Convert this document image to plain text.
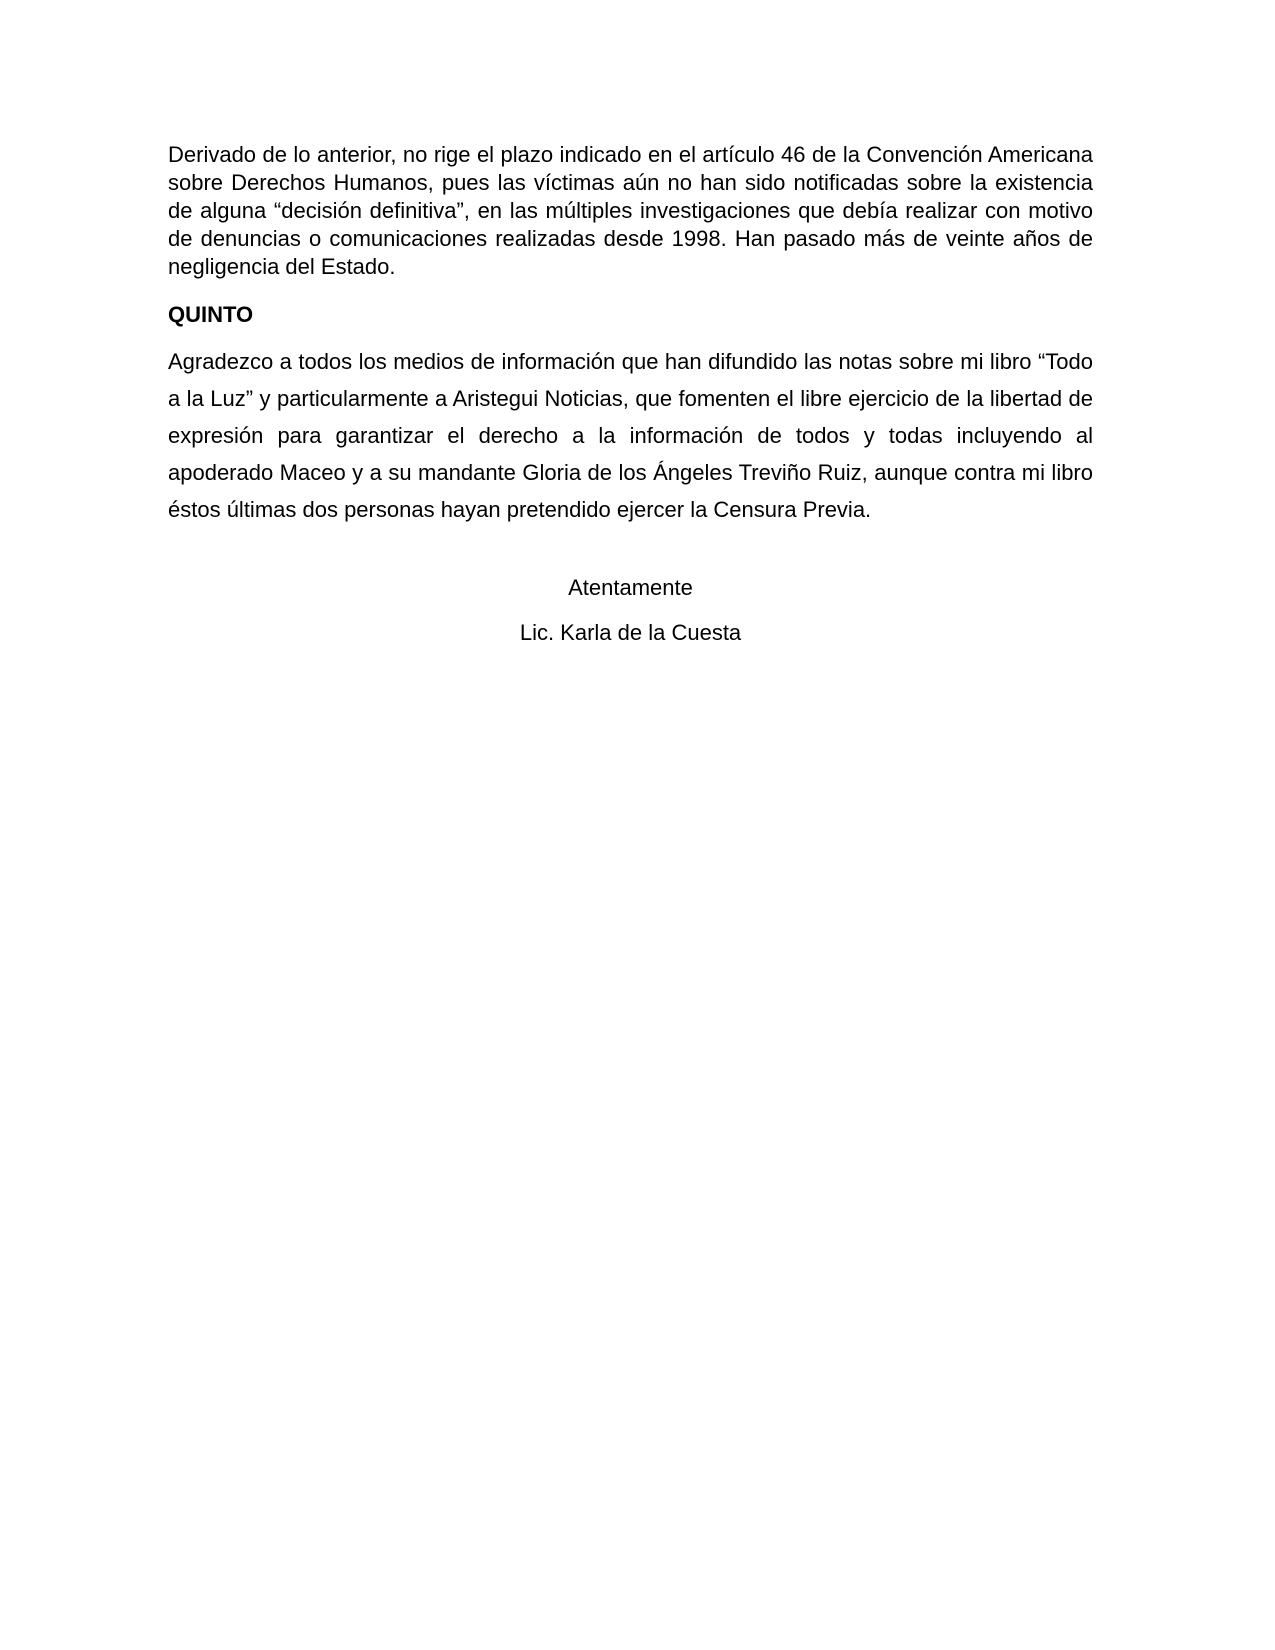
Derivado de lo anterior, no rige el plazo indicado en el artículo 46 de la Convención Americana sobre Derechos Humanos, pues las víctimas aún no han sido notificadas sobre la existencia de alguna “decisión definitiva”, en las múltiples investigaciones que debía realizar con motivo de denuncias o comunicaciones realizadas desde 1998. Han pasado más de veinte años de negligencia del Estado.

QUINTO

Agradezco a todos los medios de información que han difundido las notas sobre mi libro “Todo a la Luz” y particularmente a Aristegui Noticias, que fomenten el libre ejercicio de la libertad de expresión para garantizar el derecho a la información de todos y todas incluyendo al apoderado Maceo y a su mandante Gloria de los Ángeles Treviño Ruiz, aunque contra mi libro éstos últimas dos personas hayan pretendido ejercer la Censura Previa.

Atentamente

Lic. Karla de la Cuesta
